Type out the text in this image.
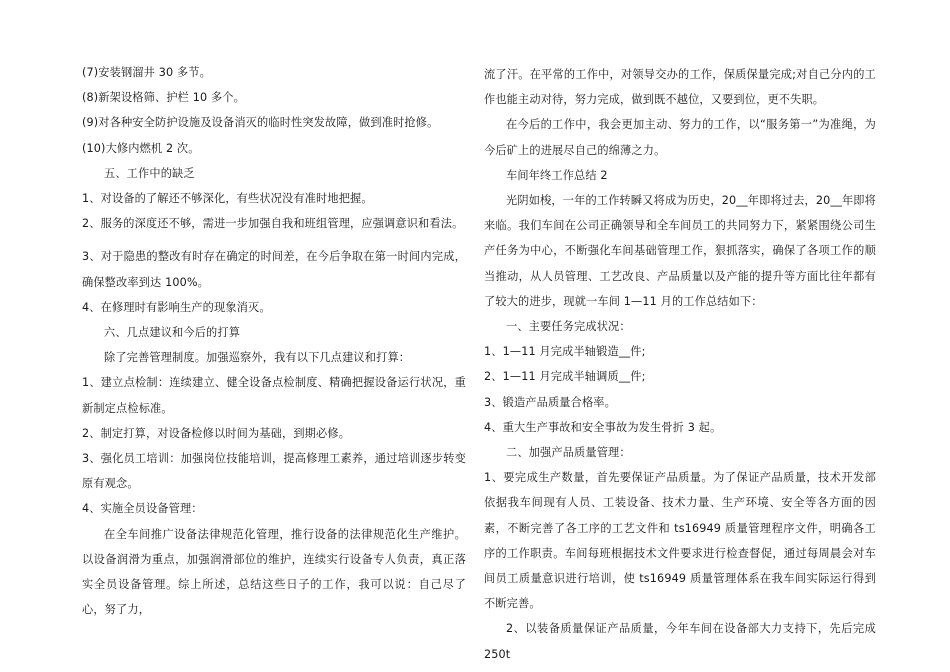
(7)安装钢溜井 30 多节。

(8)新架设格筛、护栏 10 多个。

(9)对各种安全防护设施及设备消灭的临时性突发故障，做到准时抢修。

(10)大修内燃机 2 次。

五、工作中的缺乏

1、对设备的了解还不够深化，有些状况没有准时地把握。

2、服务的深度还不够，需进一步加强自我和班组管理，应强调意识和看法。

3、对于隐患的整改有时存在确定的时间差，在今后争取在第一时间内完成，确保整改率到达 100%。

4、在修理时有影响生产的现象消灭。

六、几点建议和今后的打算

除了完善管理制度。加强巡察外，我有以下几点建议和打算：

1、建立点检制：连续建立、健全设备点检制度、精确把握设备运行状况，重新制定点检标准。

2、制定打算，对设备检修以时间为基础，到期必修。

3、强化员工培训：加强岗位技能培训，提高修理工素养，通过培训逐步转变原有观念。

4、实施全员设备管理：

在全车间推广设备法律规范化管理，推行设备的法律规范化生产维护。以设备润滑为重点，加强润滑部位的维护，连续实行设备专人负责，真正落实全员设备管理。综上所述，总结这些日子的工作，我可以说：自己尽了心，努了力，

流了汗。在平常的工作中，对领导交办的工作，保质保量完成;对自己分内的工作也能主动对待，努力完成，做到既不越位，又要到位，更不失职。

在今后的工作中，我会更加主动、努力的工作，以“服务第一”为准绳，为今后矿上的进展尽自己的绵薄之力。

车间年终工作总结 2

光阴如梭，一年的工作转瞬又将成为历史，20__年即将过去，20__年即将来临。我们车间在公司正确领导和全车间员工的共同努力下，紧紧围绕公司生产任务为中心，不断强化车间基础管理工作，狠抓落实，确保了各项工作的顺当推动，从人员管理、工艺改良、产品质量以及产能的提升等方面比往年都有了较大的进步，现就一车间 1—11 月的工作总结如下：

一、主要任务完成状况：

1、1—11 月完成半轴锻造__件;

2、1—11 月完成半轴调质__件;

3、锻造产品质量合格率。

4、重大生产事故和安全事故为发生骨折 3 起。

二、加强产品质量管理：

1、要完成生产数量，首先要保证产品质量。为了保证产品质量，技术开发部依据我车间现有人员、工装设备、技术力量、生产环境、安全等各方面的因素，不断完善了各工序的工艺文件和 ts16949 质量管理程序文件，明确各工序的工作职责。车间每班根据技术文件要求进行检查督促，通过每周晨会对车间员工质量意识进行培训，使 ts16949 质量管理体系在我车间实际运行得到不断完善。

2、以装备质量保证产品质量，今年车间在设备部大力支持下，先后完成 250t
